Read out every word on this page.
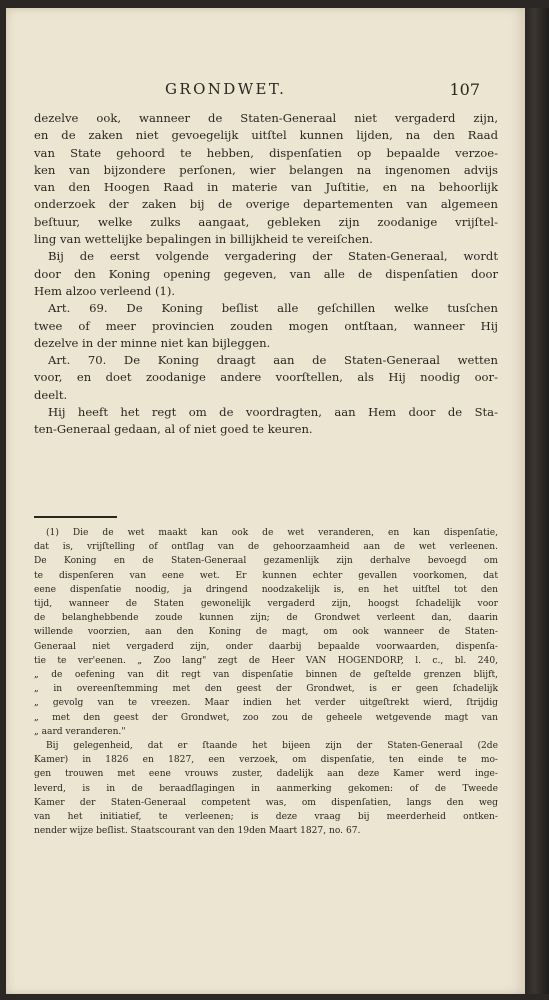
GRONDWET.	107

dezelve ook, wanneer de Staten-Generaal niet vergaderd zijn,

en de zaken niet gevoegelijk uitſtel kunnen lijden, na den Raad

van State gehoord te hebben, dispenſatien op bepaalde verzoe-

ken van bijzondere perſonen, wier belangen na ingenomen advijs

van den Hoogen Raad in materie van Juſtitie, en na behoorlijk

onderzoek der zaken bij de overige departementen van algemeen

beſtuur, welke zulks aangaat, gebleken zijn zoodanige vrijſtel-

ling van wettelijke bepalingen in billijkheid te vereiſchen.

Bij de eerst volgende vergadering der Staten-Generaal, wordt

door den Koning opening gegeven, van alle de dispenſatien door

Hem alzoo verleend (1).

Art. 69. De Koning beſlist alle geſchillen welke tusſchen

twee of meer provincien zouden mogen ontſtaan, wanneer Hij

dezelve in der minne niet kan bijleggen.

Art. 70. De Koning draagt aan de Staten-Generaal wetten

voor, en doet zoodanige andere voorſtellen, als Hij noodig oor-

deelt.

Hij heeft het regt om de voordragten, aan Hem door de Sta-

ten-Generaal gedaan, al of niet goed te keuren.

(1) Die de wet maakt kan ook de wet veranderen, en kan dispenſatie,

dat is, vrijſtelling of ontſlag van de gehoorzaamheid aan de wet verleenen.

De Koning en de Staten-Generaal gezamenlijk zijn derhalve bevoegd om

te dispenſeren van eene wet. Er kunnen echter gevallen voorkomen, dat

eene dispenſatie noodig, ja dringend noodzakelijk is, en het uitſtel tot den

tijd, wanneer de Staten gewonelijk vergaderd zijn, hoogst ſchadelijk voor

de belanghebbende zoude kunnen zijn; de Grondwet verleent dan, daarin

willende voorzien, aan den Koning de magt, om ook wanneer de Staten-

Generaal niet vergaderd zijn, onder daarbij bepaalde voorwaarden, dispenſa-

tie te ver'eenen. „ Zoo lang" zegt de Heer VAN HOGENDORP, l. c., bl. 240,

„ de oefening van dit regt van dispenſatie binnen de geſtelde grenzen blijft,

„ in overeenſtemming met den geest der Grondwet, is er geen ſchadelijk

„ gevolg van te vreezen. Maar indien het verder uitgeſtrekt wierd, ſtrijdig

„ met den geest der Grondwet, zoo zou de geheele wetgevende magt van

„ aard veranderen."

Bij gelegenheid, dat er ſtaande het bijeen zijn der Staten-Generaal (2de

Kamer) in 1826 en 1827, een verzoek, om dispenſatie, ten einde te mo-

gen trouwen met eene vrouws zuster, dadelijk aan deze Kamer werd inge-

leverd, is in de beraadſlagingen in aanmerking gekomen: of de Tweede

Kamer der Staten-Generaal competent was, om dispenſatien, langs den weg

van het initiatief, te verleenen; is deze vraag bij meerderheid ontken-

nender wijze beſlist. Staatscourant van den 19den Maart 1827, no. 67.
